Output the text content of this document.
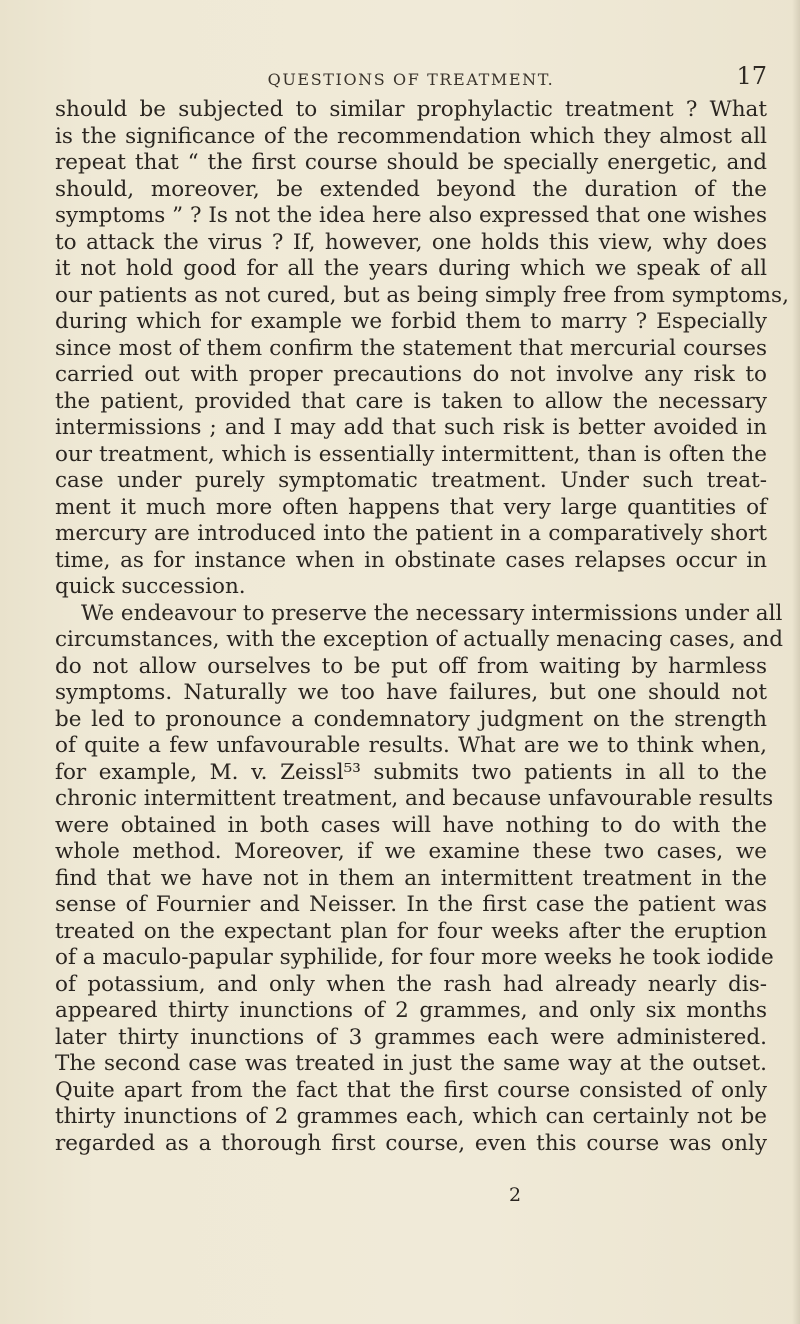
QUESTIONS OF TREATMENT.	17
should be subjected to similar prophylactic treatment ? What
is the significance of the recommendation which they almost all
repeat that “ the first course should be specially energetic, and
should, moreover, be extended beyond the duration of the
symptoms ” ? Is not the idea here also expressed that one wishes
to attack the virus ? If, however, one holds this view, why does
it not hold good for all the years during which we speak of all
our patients as not cured, but as being simply free from symptoms,
during which for example we forbid them to marry ? Especially
since most of them confirm the statement that mercurial courses
carried out with proper precautions do not involve any risk to
the patient, provided that care is taken to allow the necessary
intermissions ; and I may add that such risk is better avoided in
our treatment, which is essentially intermittent, than is often the
case under purely symptomatic treatment. Under such treat-
ment it much more often happens that very large quantities of
mercury are introduced into the patient in a comparatively short
time, as for instance when in obstinate cases relapses occur in
quick succession.
We endeavour to preserve the necessary intermissions under all
circumstances, with the exception of actually menacing cases, and
do not allow ourselves to be put off from waiting by harmless
symptoms. Naturally we too have failures, but one should not
be led to pronounce a condemnatory judgment on the strength
of quite a few unfavourable results. What are we to think when,
for example, M. v. Zeissl⁵³ submits two patients in all to the
chronic intermittent treatment, and because unfavourable results
were obtained in both cases will have nothing to do with the
whole method. Moreover, if we examine these two cases, we
find that we have not in them an intermittent treatment in the
sense of Fournier and Neisser. In the first case the patient was
treated on the expectant plan for four weeks after the eruption
of a maculo-papular syphilide, for four more weeks he took iodide
of potassium, and only when the rash had already nearly dis-
appeared thirty inunctions of 2 grammes, and only six months
later thirty inunctions of 3 grammes each were administered.
The second case was treated in just the same way at the outset.
Quite apart from the fact that the first course consisted of only
thirty inunctions of 2 grammes each, which can certainly not be
regarded as a thorough first course, even this course was only
2
